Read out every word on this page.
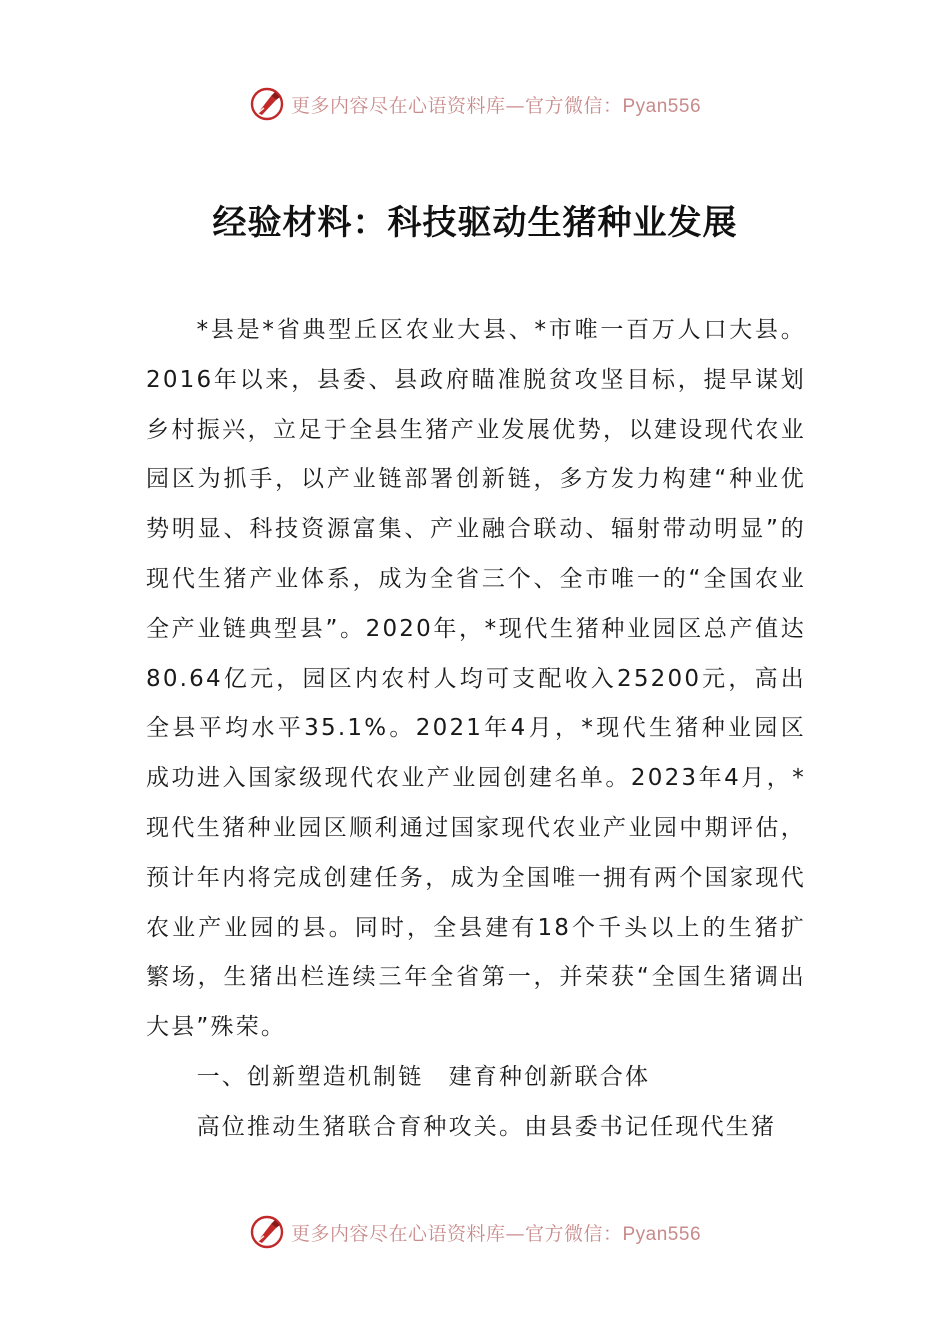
更多内容尽在心语资料库—官方微信：Pyan556
经验材料：科技驱动生猪种业发展

*县是*省典型丘区农业大县、*市唯一百万人口大县。2016年以来，县委、县政府瞄准脱贫攻坚目标，提早谋划乡村振兴，立足于全县生猪产业发展优势，以建设现代农业园区为抓手，以产业链部署创新链，多方发力构建“种业优势明显、科技资源富集、产业融合联动、辐射带动明显”的现代生猪产业体系，成为全省三个、全市唯一的“全国农业全产业链典型县”。2020年，*现代生猪种业园区总产值达80.64亿元，园区内农村人均可支配收入25200元，高出全县平均水平35.1%。2021年4月，*现代生猪种业园区成功进入国家级现代农业产业园创建名单。2023年4月，*现代生猪种业园区顺利通过国家现代农业产业园中期评估，预计年内将完成创建任务，成为全国唯一拥有两个国家现代农业产业园的县。同时，全县建有18个千头以上的生猪扩繁场，生猪出栏连续三年全省第一，并荣获“全国生猪调出大县”殊荣。

一、创新塑造机制链　建育种创新联合体

高位推动生猪联合育种攻关。由县委书记任现代生猪

更多内容尽在心语资料库—官方微信：Pyan556
